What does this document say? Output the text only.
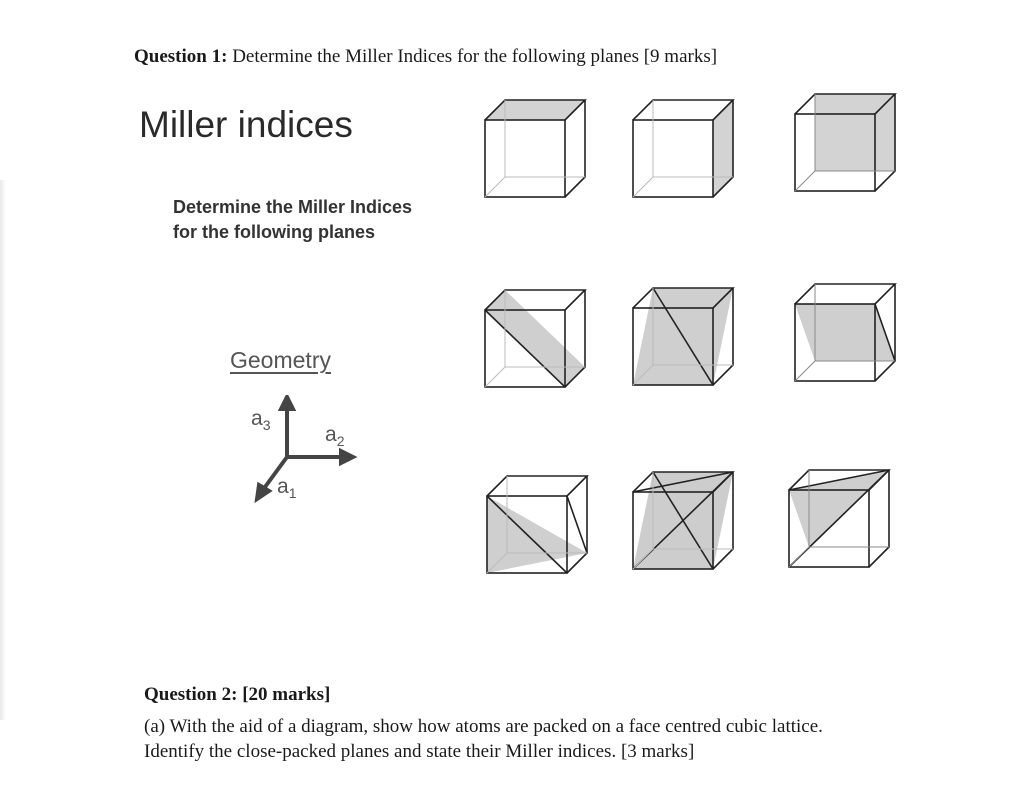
Question 1: Determine the Miller Indices for the following planes [9 marks]
Miller indices
Determine the Miller Indices
for the following planes
Geometry
$a_3$	$a_2$
$a_1$
Question 2: [20 marks]
(a) With the aid of a diagram, show how atoms are packed on a face centred cubic lattice.
Identify the close-packed planes and state their Miller indices. [3 marks]
